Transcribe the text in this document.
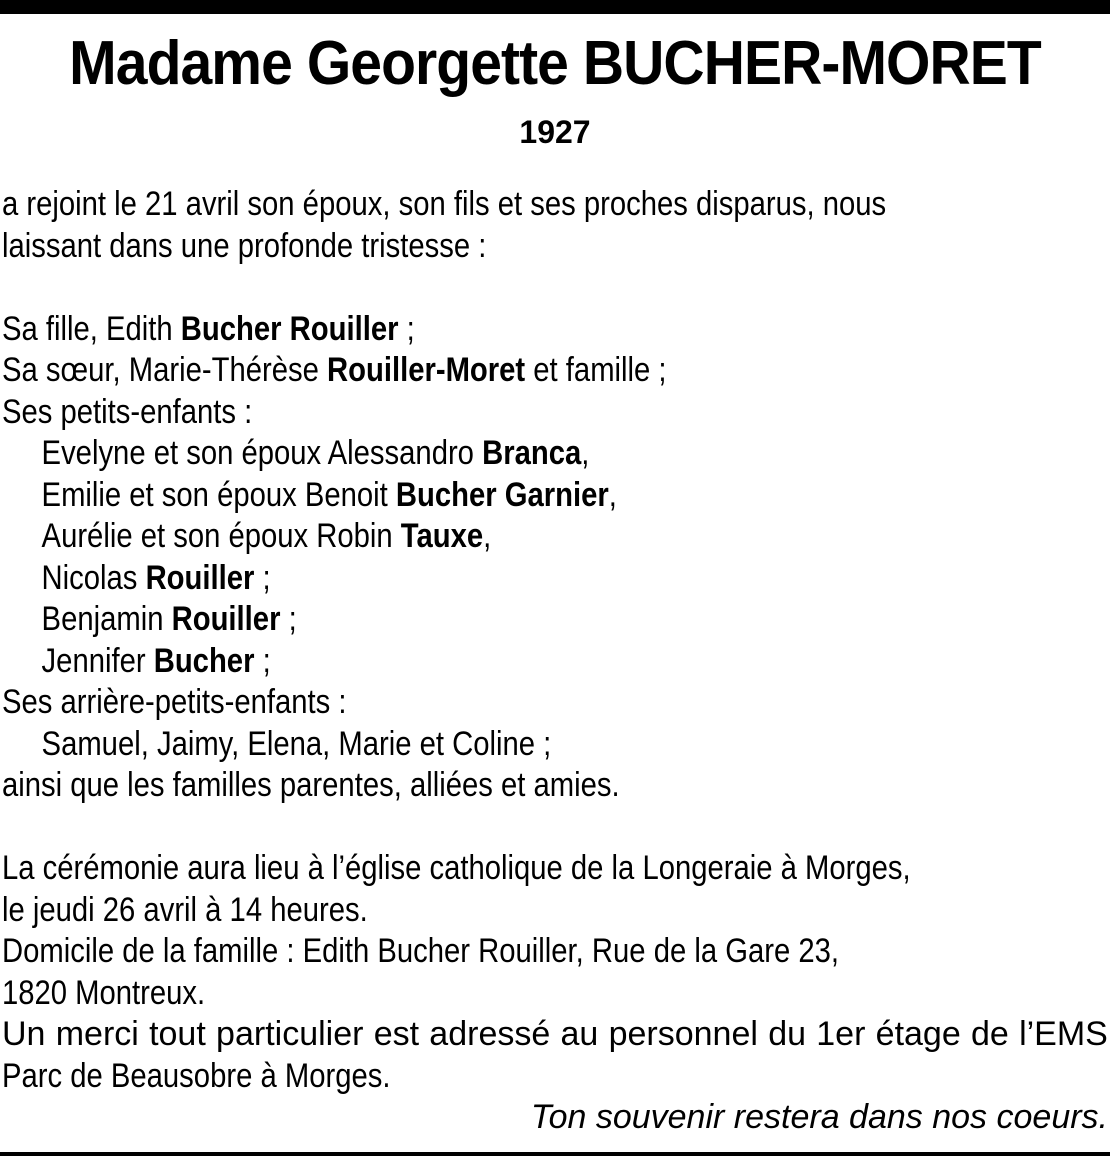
Madame Georgette BUCHER-MORET
1927
a rejoint le 21 avril son époux, son fils et ses proches disparus, nous
laissant dans une profonde tristesse :
Sa fille, Edith Bucher Rouiller ;
Sa sœur, Marie-Thérèse Rouiller-Moret et famille ;
Ses petits-enfants :
Evelyne et son époux Alessandro Branca,
Emilie et son époux Benoit Bucher Garnier,
Aurélie et son époux Robin Tauxe,
Nicolas Rouiller ;
Benjamin Rouiller ;
Jennifer Bucher ;
Ses arrière-petits-enfants :
Samuel, Jaimy, Elena, Marie et Coline ;
ainsi que les familles parentes, alliées et amies.
La cérémonie aura lieu à l’église catholique de la Longeraie à Morges,
le jeudi 26 avril à 14 heures.
Domicile de la famille : Edith Bucher Rouiller, Rue de la Gare 23,
1820 Montreux.
Un merci tout particulier est adressé au personnel du 1er étage de l’EMS
Parc de Beausobre à Morges.
Ton souvenir restera dans nos coeurs.
